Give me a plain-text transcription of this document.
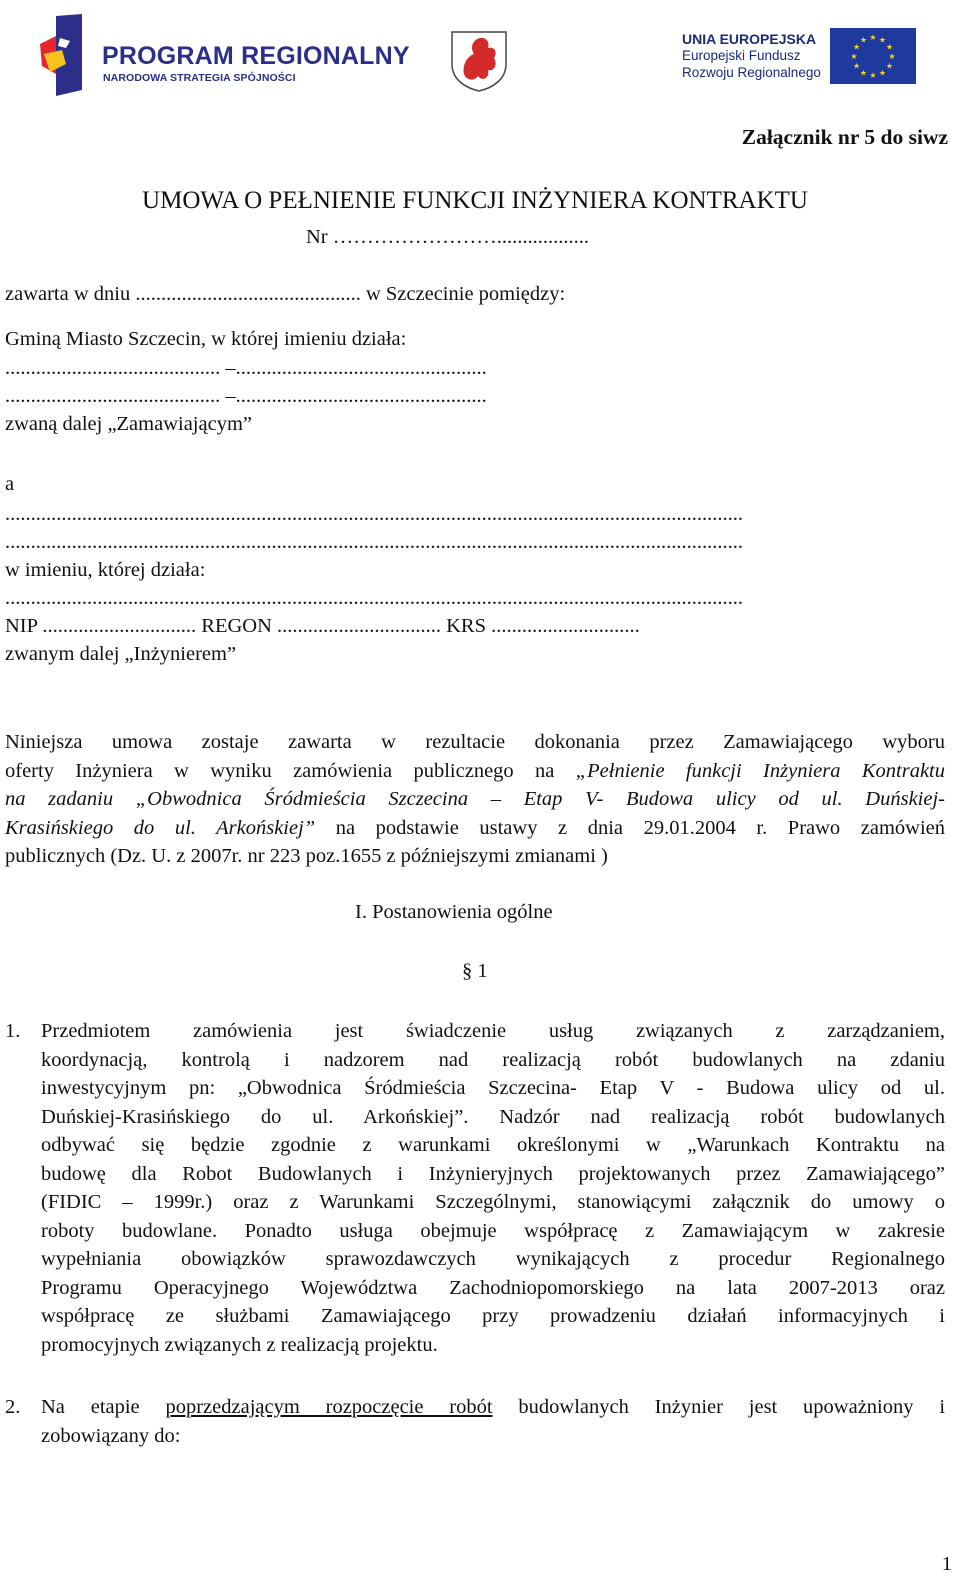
PROGRAM REGIONALNY
NARODOWA STRATEGIA SPÓJNOŚCI
UNIA EUROPEJSKA
Europejski Fundusz
Rozwoju Regionalnego
★ ★
★
★
★
★
★
★
★
★
★
★
Załącznik nr 5 do siwz
UMOWA O PEŁNIENIE FUNKCJI INŻYNIERA KONTRAKTU
Nr ……………………..................
zawarta w dniu ............................................ w Szczecinie pomiędzy:
Gminą Miasto Szczecin, w której imieniu działa:
.......................................... –.................................................
.......................................... –.................................................
zwaną dalej „Zamawiającym”
a
................................................................................................................................................
................................................................................................................................................
w imieniu, której działa:
................................................................................................................................................
NIP .............................. REGON ................................ KRS .............................
zwanym dalej „Inżynierem”
Niniejsza umowa zostaje zawarta w rezultacie dokonania przez Zamawiającego wyboru
oferty Inżyniera w wyniku zamówienia publicznego na „Pełnienie funkcji Inżyniera Kontraktu
na zadaniu „Obwodnica Śródmieścia Szczecina – Etap V- Budowa ulicy od ul. Duńskiej-
Krasińskiego do ul. Arkońskiej” na podstawie ustawy z dnia 29.01.2004 r. Prawo zamówień
publicznych (Dz. U. z 2007r. nr 223 poz.1655 z późniejszymi zmianami )
I. Postanowienia ogólne
§ 1
1. Przedmiotem zamówienia jest świadczenie usług związanych z zarządzaniem,
koordynacją, kontrolą i nadzorem nad realizacją robót budowlanych na zdaniu
inwestycyjnym pn: „Obwodnica Śródmieścia Szczecina- Etap V - Budowa ulicy od ul.
Duńskiej-Krasińskiego do ul. Arkońskiej”. Nadzór nad realizacją robót budowlanych
odbywać się będzie zgodnie z warunkami określonymi w „Warunkach Kontraktu na
budowę dla Robot Budowlanych i Inżynieryjnych projektowanych przez Zamawiającego”
(FIDIC – 1999r.) oraz z Warunkami Szczególnymi, stanowiącymi załącznik do umowy o
roboty budowlane. Ponadto usługa obejmuje współpracę z Zamawiającym w zakresie
wypełniania obowiązków sprawozdawczych wynikających z procedur Regionalnego
Programu Operacyjnego Województwa Zachodniopomorskiego na lata 2007-2013 oraz
współpracę ze służbami Zamawiającego przy prowadzeniu działań informacyjnych i
promocyjnych związanych z realizacją projektu.
2. Na etapie poprzedzającym rozpoczęcie robót budowlanych Inżynier jest upoważniony i
zobowiązany do:
1
